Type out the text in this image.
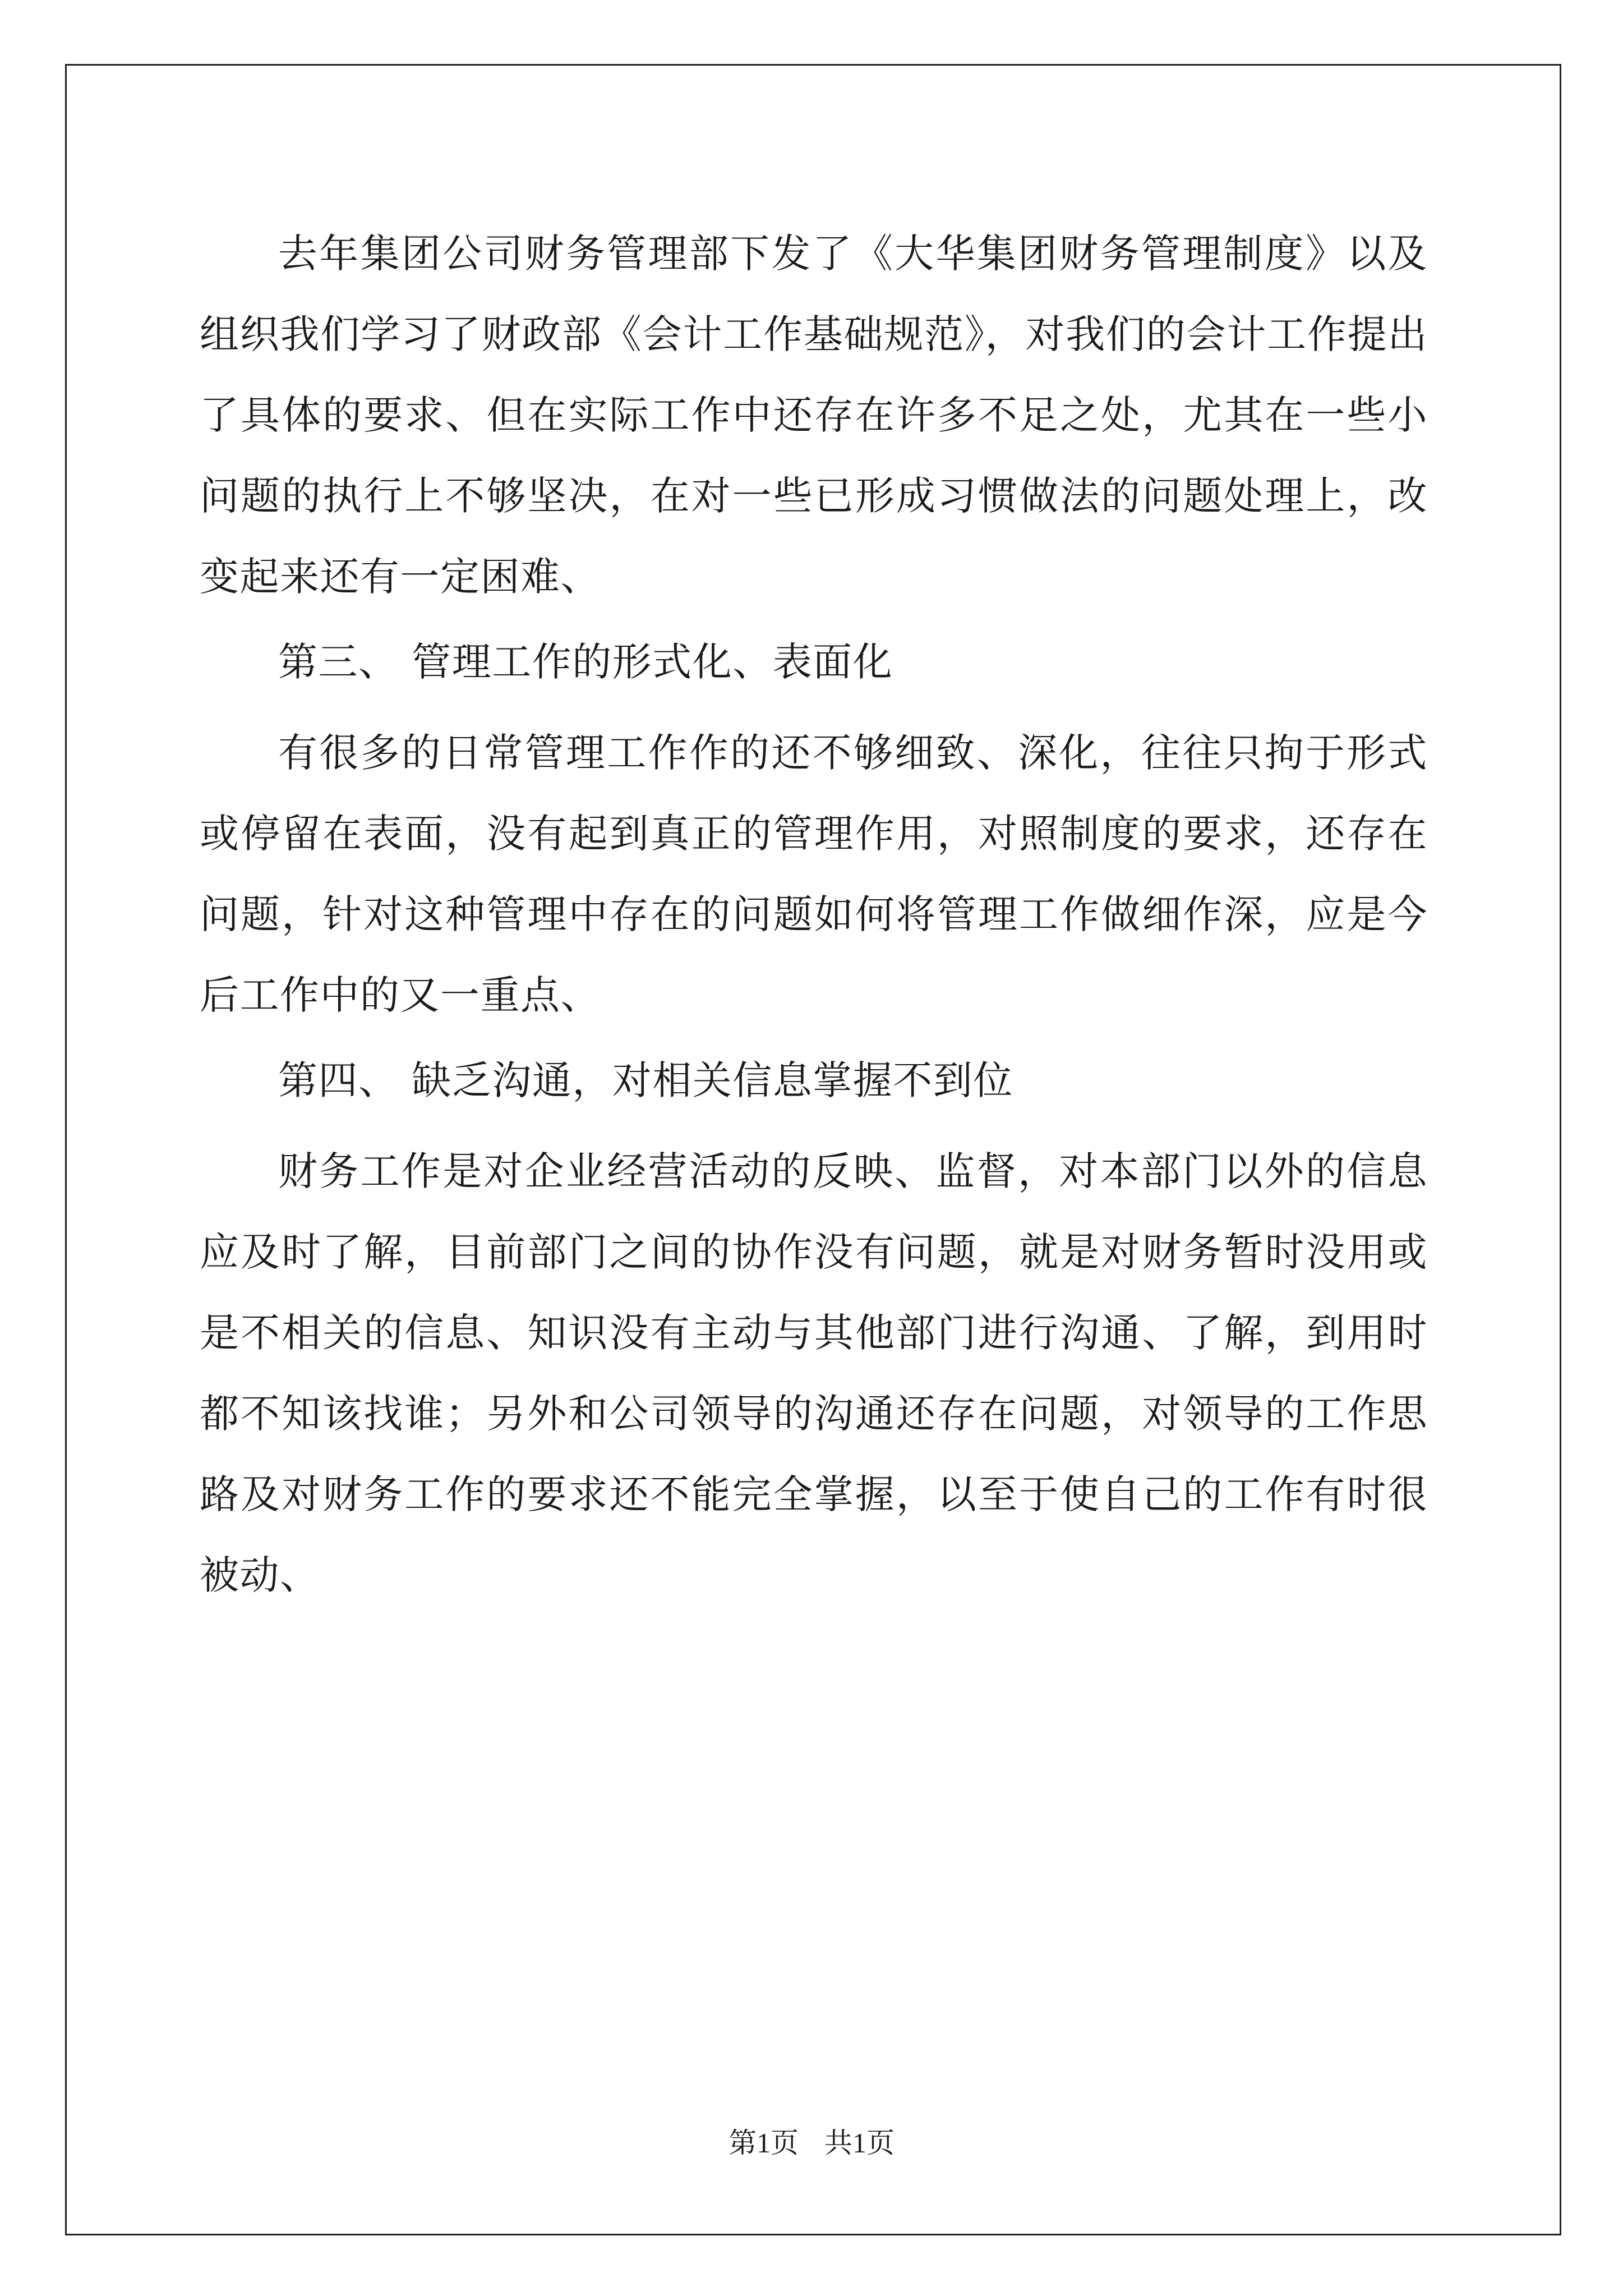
去年集团公司财务管理部下发了《大华集团财务管理制度》以及组织我们学习了财政部《会计工作基础规范》，对我们的会计工作提出了具体的要求、但在实际工作中还存在许多不足之处，尤其在一些小问题的执行上不够坚决，在对一些已形成习惯做法的问题处理上，改变起来还有一定困难、

第三、 管理工作的形式化、表面化

有很多的日常管理工作作的还不够细致、深化，往往只拘于形式或停留在表面，没有起到真正的管理作用，对照制度的要求，还存在问题，针对这种管理中存在的问题如何将管理工作做细作深，应是今后工作中的又一重点、

第四、 缺乏沟通，对相关信息掌握不到位

财务工作是对企业经营活动的反映、监督，对本部门以外的信息应及时了解，目前部门之间的协作没有问题，就是对财务暂时没用或是不相关的信息、知识没有主动与其他部门进行沟通、了解，到用时都不知该找谁；另外和公司领导的沟通还存在问题，对领导的工作思路及对财务工作的要求还不能完全掌握，以至于使自己的工作有时很被动、

第1页 共1页
